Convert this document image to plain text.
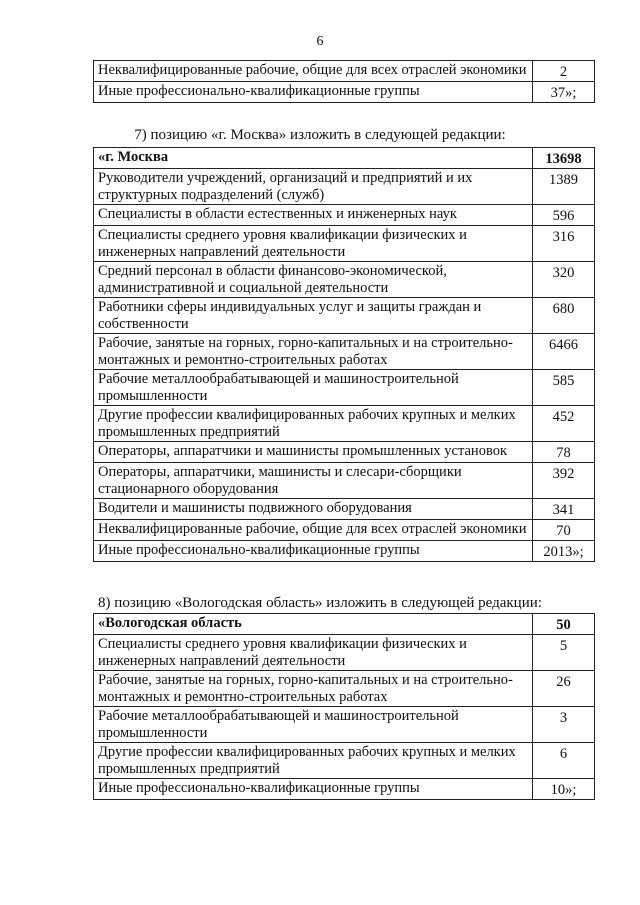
6
Неквалифицированные рабочие, общие для всех отраслей экономики	2
Иные профессионально-квалификационные группы	37»;
7) позицию «г. Москва» изложить в следующей редакции:
«г. Москва	13698
Руководители учреждений, организаций и предприятий и их структурных подразделений (служб)	1389
Специалисты в области естественных и инженерных наук	596
Специалисты среднего уровня квалификации физических и инженерных направлений деятельности	316
Средний персонал в области финансово-экономической, административной и социальной деятельности	320
Работники сферы индивидуальных услуг и защиты граждан и собственности	680
Рабочие, занятые на горных, горно-капитальных и на строительно-монтажных и ремонтно-строительных работах	6466
Рабочие металлообрабатывающей и машиностроительной промышленности	585
Другие профессии квалифицированных рабочих крупных и мелких промышленных предприятий	452
Операторы, аппаратчики и машинисты промышленных установок	78
Операторы, аппаратчики, машинисты и слесари-сборщики стационарного оборудования	392
Водители и машинисты подвижного оборудования	341
Неквалифицированные рабочие, общие для всех отраслей экономики	70
Иные профессионально-квалификационные группы	2013»;
8) позицию «Вологодская область» изложить в следующей редакции:
«Вологодская область	50
Специалисты среднего уровня квалификации физических и инженерных направлений деятельности	5
Рабочие, занятые на горных, горно-капитальных и на строительно-монтажных и ремонтно-строительных работах	26
Рабочие металлообрабатывающей и машиностроительной промышленности	3
Другие профессии квалифицированных рабочих крупных и мелких промышленных предприятий	6
Иные профессионально-квалификационные группы	10»;
